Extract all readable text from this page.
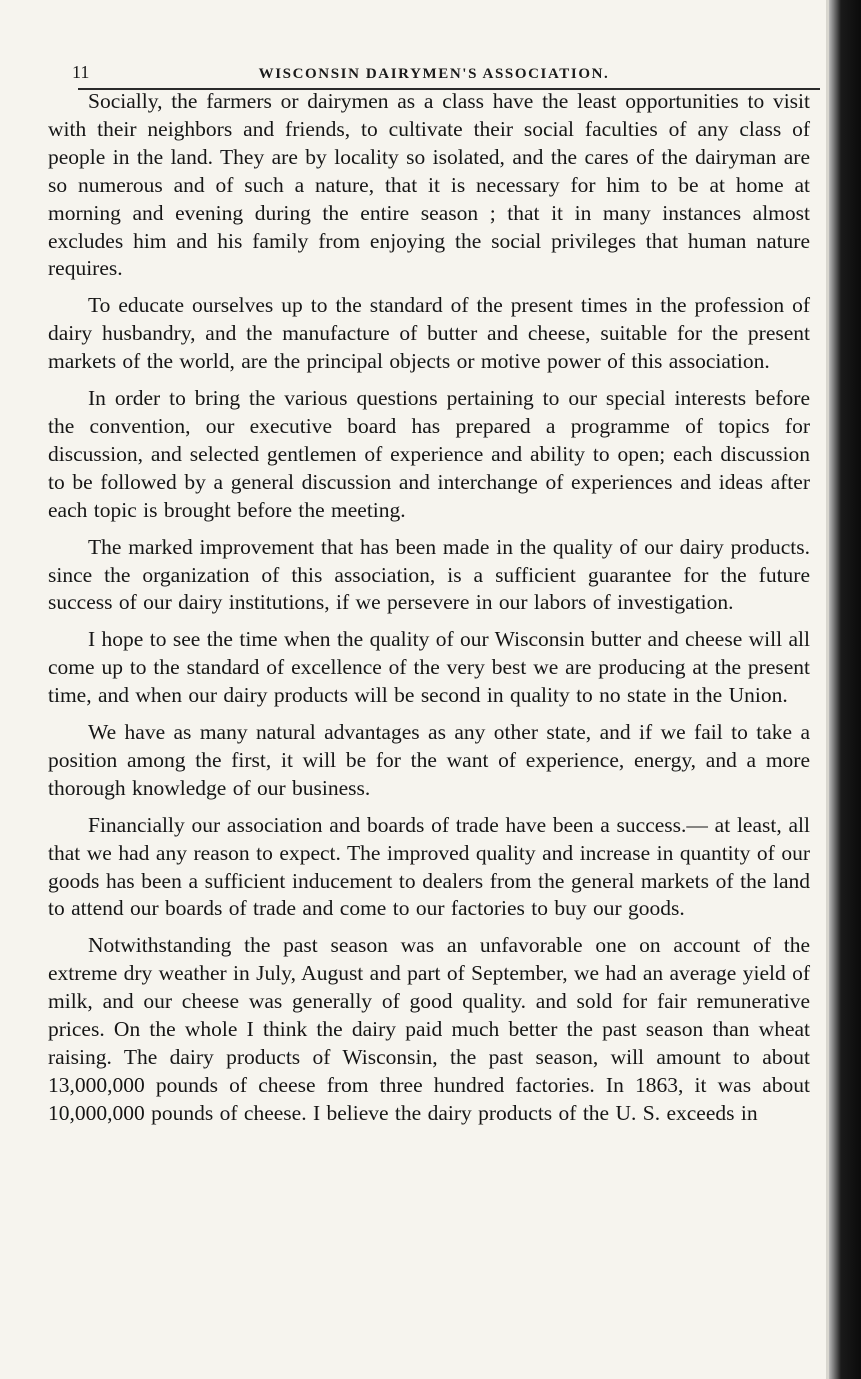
11	WISCONSIN DAIRYMEN'S ASSOCIATION.

Socially, the farmers or dairymen as a class have the least opportunities to visit with their neighbors and friends, to cultivate their social faculties of any class of people in the land. They are by locality so isolated, and the cares of the dairyman are so numerous and of such a nature, that it is necessary for him to be at home at morning and evening during the entire season ; that it in many instances almost excludes him and his family from enjoying the social privileges that human nature requires.

To educate ourselves up to the standard of the present times in the profession of dairy husbandry, and the manufacture of butter and cheese, suitable for the present markets of the world, are the principal objects or motive power of this association.

In order to bring the various questions pertaining to our special interests before the convention, our executive board has prepared a programme of topics for discussion, and selected gentlemen of experience and ability to open; each discussion to be followed by a general discussion and interchange of experiences and ideas after each topic is brought before the meeting.

The marked improvement that has been made in the quality of our dairy products. since the organization of this association, is a sufficient guarantee for the future success of our dairy institutions, if we persevere in our labors of investigation.

I hope to see the time when the quality of our Wisconsin butter and cheese will all come up to the standard of excellence of the very best we are producing at the present time, and when our dairy products will be second in quality to no state in the Union.

We have as many natural advantages as any other state, and if we fail to take a position among the first, it will be for the want of experience, energy, and a more thorough knowledge of our business.

Financially our association and boards of trade have been a success.— at least, all that we had any reason to expect. The improved quality and increase in quantity of our goods has been a sufficient inducement to dealers from the general markets of the land to attend our boards of trade and come to our factories to buy our goods.

Notwithstanding the past season was an unfavorable one on account of the extreme dry weather in July, August and part of September, we had an average yield of milk, and our cheese was generally of good quality. and sold for fair remunerative prices. On the whole I think the dairy paid much better the past season than wheat raising. The dairy products of Wisconsin, the past season, will amount to about 13,000,000 pounds of cheese from three hundred factories. In 1863, it was about 10,000,000 pounds of cheese. I believe the dairy products of the U. S. exceeds in
